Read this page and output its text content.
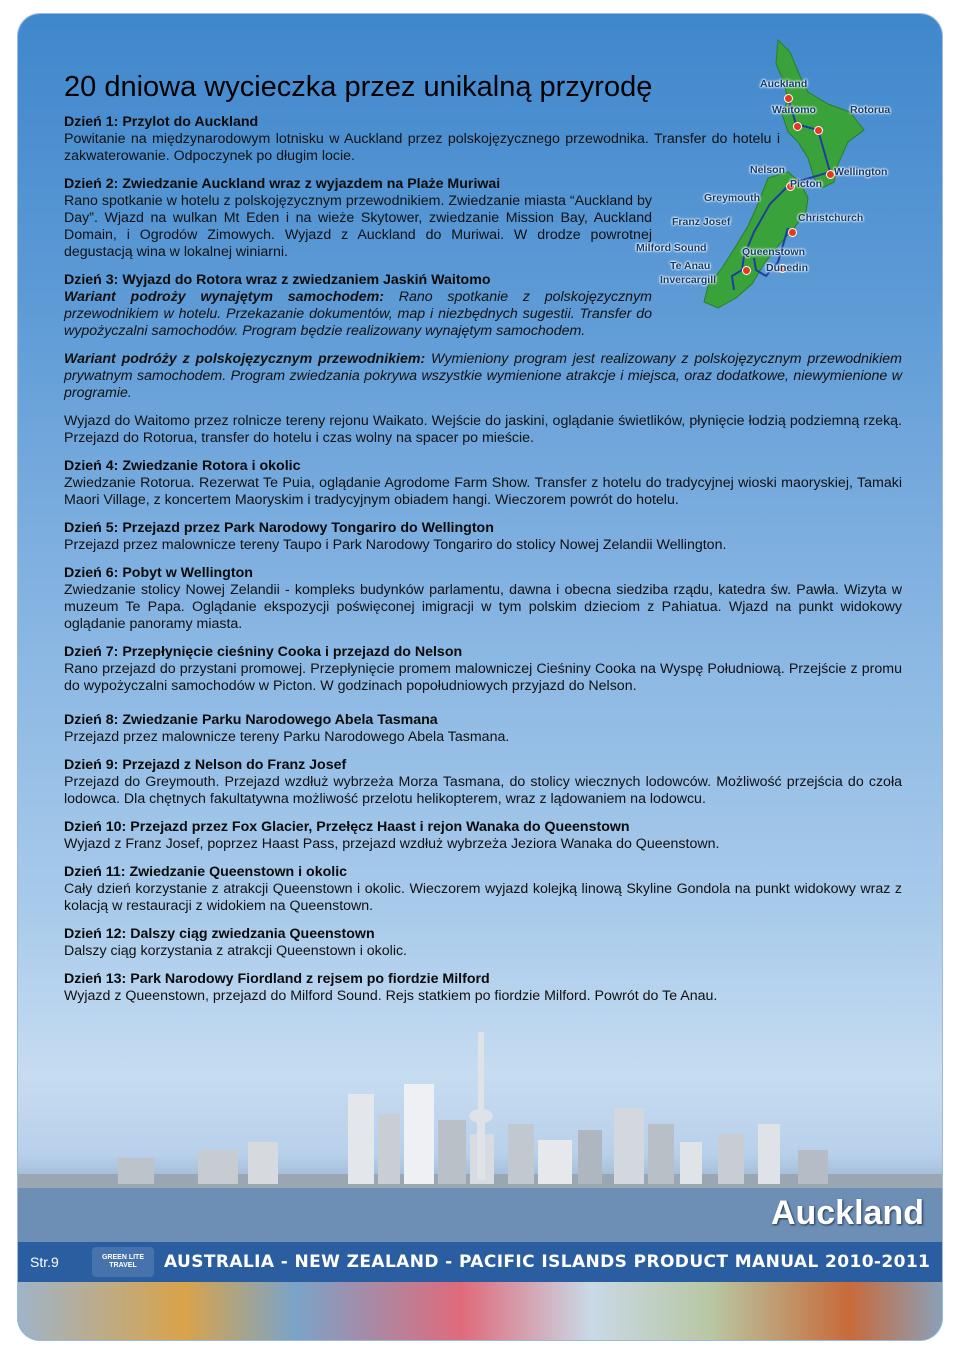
Auckland
Waitomo	Rotorua
Nelson	Wellington
Picton
Greymouth
Franz Josef	Christchurch
Milford Sound	Queenstown
Te Anau	Dunedin
Invercargill
20 dniowa wycieczka przez unikalną przyrodę
Dzień 1: Przylot do Auckland

Powitanie na międzynarodowym lotnisku w Auckland przez polskojęzycznego przewodnika. Transfer do hotelu i zakwaterowanie. Odpoczynek po długim locie.

Dzień 2: Zwiedzanie Auckland wraz z wyjazdem na Plaże Muriwai

Rano spotkanie w hotelu z polskojęzycznym przewodnikiem. Zwiedzanie miasta “Auckland by Day”. Wjazd na wulkan Mt Eden i na wieże Skytower, zwiedzanie Mission Bay, Auckland Domain, i Ogrodów Zimowych. Wyjazd z Auckland do Muriwai. W drodze powrotnej degustacją wina w lokalnej winiarni.

Dzień 3: Wyjazd do Rotora wraz z zwiedzaniem Jaskiń Waitomo

Wariant podroży wynajętym samochodem: Rano spotkanie z polskojęzycznym przewodnikiem w hotelu. Przekazanie dokumentów, map i niezbędnych sugestii. Transfer do wypożyczalni samochodów. Program będzie realizowany wynajętym samochodem.

Wariant podróży z polskojęzycznym przewodnikiem: Wymieniony program jest realizowany z polskojęzycznym przewodnikiem prywatnym samochodem. Program zwiedzania pokrywa wszystkie wymienione atrakcje i miejsca, oraz dodatkowe, niewymienione w programie.

Wyjazd do Waitomo przez rolnicze tereny rejonu Waikato. Wejście do jaskini, oglądanie świetlików, płynięcie łodzią podziemną rzeką. Przejazd do Rotorua, transfer do hotelu i czas wolny na spacer po mieście.

Dzień 4: Zwiedzanie Rotora i okolic

Zwiedzanie Rotorua. Rezerwat Te Puia, oglądanie Agrodome Farm Show. Transfer z hotelu do tradycyjnej wioski maoryskiej, Tamaki Maori Village, z koncertem Maoryskim i tradycyjnym obiadem hangi. Wieczorem powrót do hotelu.

Dzień 5: Przejazd przez Park Narodowy Tongariro do Wellington

Przejazd przez malownicze tereny Taupo i Park Narodowy Tongariro do stolicy Nowej Zelandii Wellington.

Dzień 6: Pobyt w Wellington

Zwiedzanie stolicy Nowej Zelandii - kompleks budynków parlamentu, dawna i obecna siedziba rządu, katedra św. Pawła. Wizyta w muzeum Te Papa. Oglądanie ekspozycji poświęconej imigracji w tym polskim dzieciom z Pahiatua. Wjazd na punkt widokowy oglądanie panoramy miasta.

Dzień 7: Przepłynięcie cieśniny Cooka i przejazd do Nelson

Rano przejazd do przystani promowej. Przepłynięcie promem malowniczej Cieśniny Cooka na Wyspę Południową. Przejście z promu do wypożyczalni samochodów w Picton. W godzinach popołudniowych przyjazd do Nelson.

Dzień 8: Zwiedzanie Parku Narodowego Abela Tasmana

Przejazd przez malownicze tereny Parku Narodowego Abela Tasmana.

Dzień 9: Przejazd z Nelson do Franz Josef

Przejazd do Greymouth. Przejazd wzdłuż wybrzeża Morza Tasmana, do stolicy wiecznych lodowców. Możliwość przejścia do czoła lodowca. Dla chętnych fakultatywna możliwość przelotu helikopterem, wraz z lądowaniem na lodowcu.

Dzień 10: Przejazd przez Fox Glacier, Przełęcz Haast i rejon Wanaka do Queenstown

Wyjazd z Franz Josef, poprzez Haast Pass, przejazd wzdłuż wybrzeża Jeziora Wanaka do Queenstown.

Dzień 11: Zwiedzanie Queenstown i okolic

Cały dzień korzystanie z atrakcji Queenstown i okolic. Wieczorem wyjazd kolejką linową Skyline Gondola na punkt widokowy wraz z kolacją w restauracji z widokiem na Queenstown.

Dzień 12: Dalszy ciąg zwiedzania Queenstown

Dalszy ciąg korzystania z atrakcji Queenstown i okolic.

Dzień 13: Park Narodowy Fiordland z rejsem po fiordzie Milford

Wyjazd z Queenstown, przejazd do Milford Sound. Rejs statkiem po fiordzie Milford. Powrót do Te Anau.

Auckland
Str.9	GREEN LITE TRAVEL	AUSTRALIA - NEW ZEALAND - PACIFIC ISLANDS PRODUCT MANUAL 2010-2011
